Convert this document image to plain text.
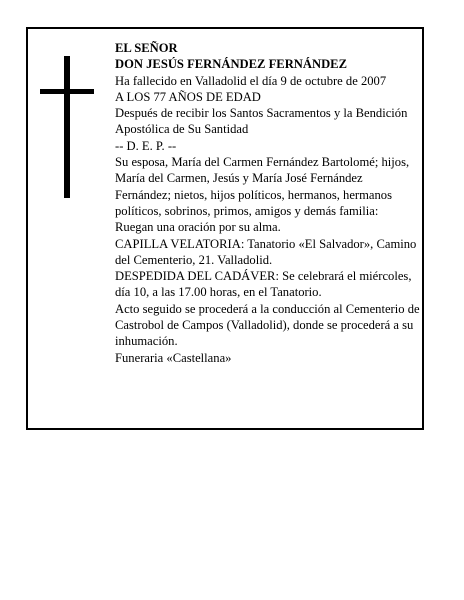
EL SEÑOR

DON JESÚS FERNÁNDEZ FERNÁNDEZ

Ha fallecido en Valladolid el día 9 de octubre de 2007

A LOS 77 AÑOS DE EDAD

Después de recibir los Santos Sacramentos y la Bendición Apostólica de Su Santidad

-- D. E. P. --

Su esposa, María del Carmen Fernández Bartolomé; hijos, María del Carmen, Jesús y María José Fernández Fernández; nietos, hijos políticos, hermanos, hermanos políticos, sobrinos, primos, amigos y demás familia:

Ruegan una oración por su alma.

CAPILLA VELATORIA: Tanatorio «El Salvador», Camino del Cementerio, 21. Valladolid.

DESPEDIDA DEL CADÁVER: Se celebrará el miércoles, día 10, a las 17.00 horas, en el Tanatorio.

Acto seguido se procederá a la conducción al Cementerio de Castrobol de Campos (Valladolid), donde se procederá a su inhumación.

Funeraria «Castellana»
